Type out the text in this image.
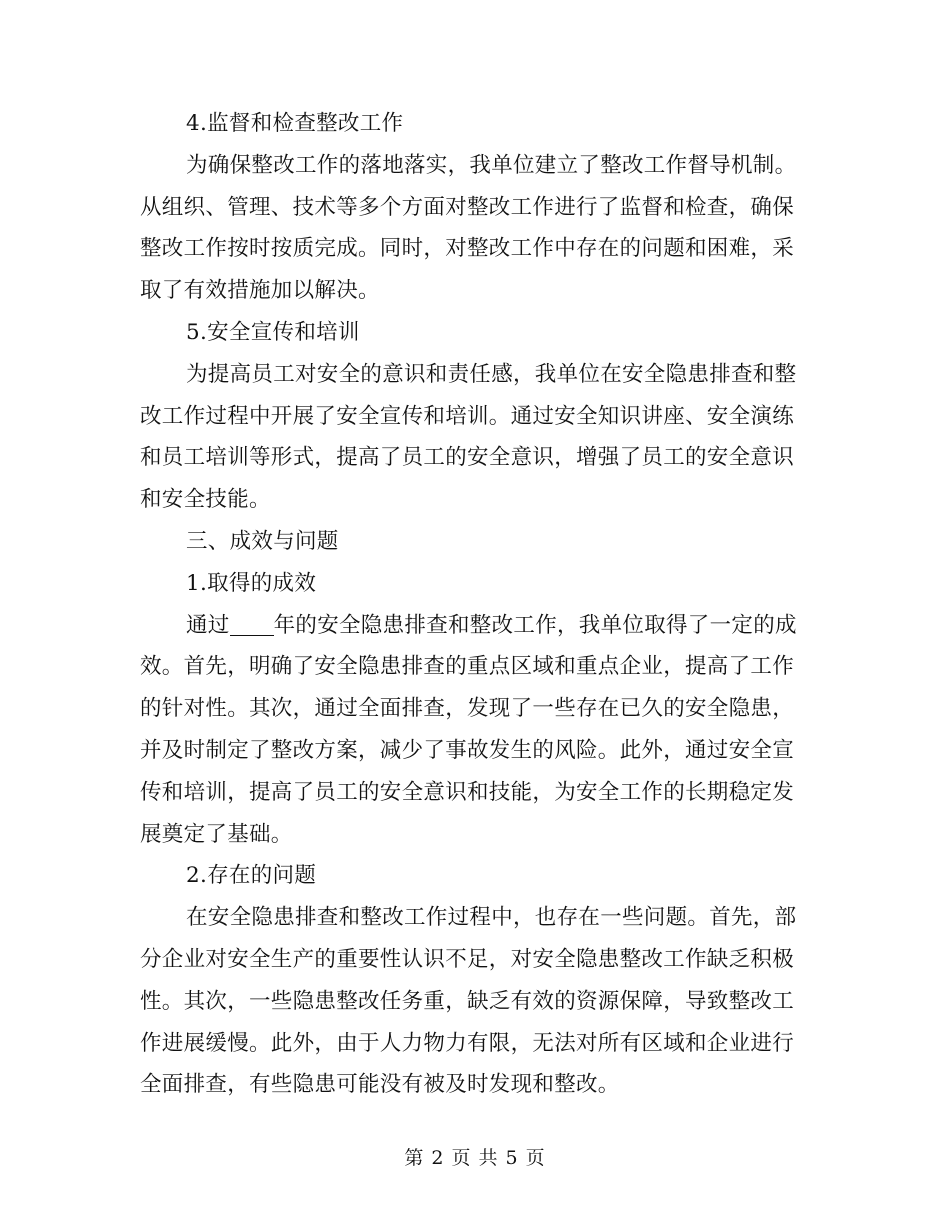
4.监督和检查整改工作
为确保整改工作的落地落实，我单位建立了整改工作督导机制。
从组织、管理、技术等多个方面对整改工作进行了监督和检查，确保
整改工作按时按质完成。同时，对整改工作中存在的问题和困难，采
取了有效措施加以解决。
5.安全宣传和培训
为提高员工对安全的意识和责任感，我单位在安全隐患排查和整
改工作过程中开展了安全宣传和培训。通过安全知识讲座、安全演练
和员工培训等形式，提高了员工的安全意识，增强了员工的安全意识
和安全技能。
三、成效与问题
1.取得的成效
通过 年的安全隐患排查和整改工作，我单位取得了一定的成
效。首先，明确了安全隐患排查的重点区域和重点企业，提高了工作
的针对性。其次，通过全面排查，发现了一些存在已久的安全隐患，
并及时制定了整改方案，减少了事故发生的风险。此外，通过安全宣
传和培训，提高了员工的安全意识和技能，为安全工作的长期稳定发
展奠定了基础。
2.存在的问题
在安全隐患排查和整改工作过程中，也存在一些问题。首先，部
分企业对安全生产的重要性认识不足，对安全隐患整改工作缺乏积极
性。其次，一些隐患整改任务重，缺乏有效的资源保障，导致整改工
作进展缓慢。此外，由于人力物力有限，无法对所有区域和企业进行
全面排查，有些隐患可能没有被及时发现和整改。
第 2 页 共 5 页
